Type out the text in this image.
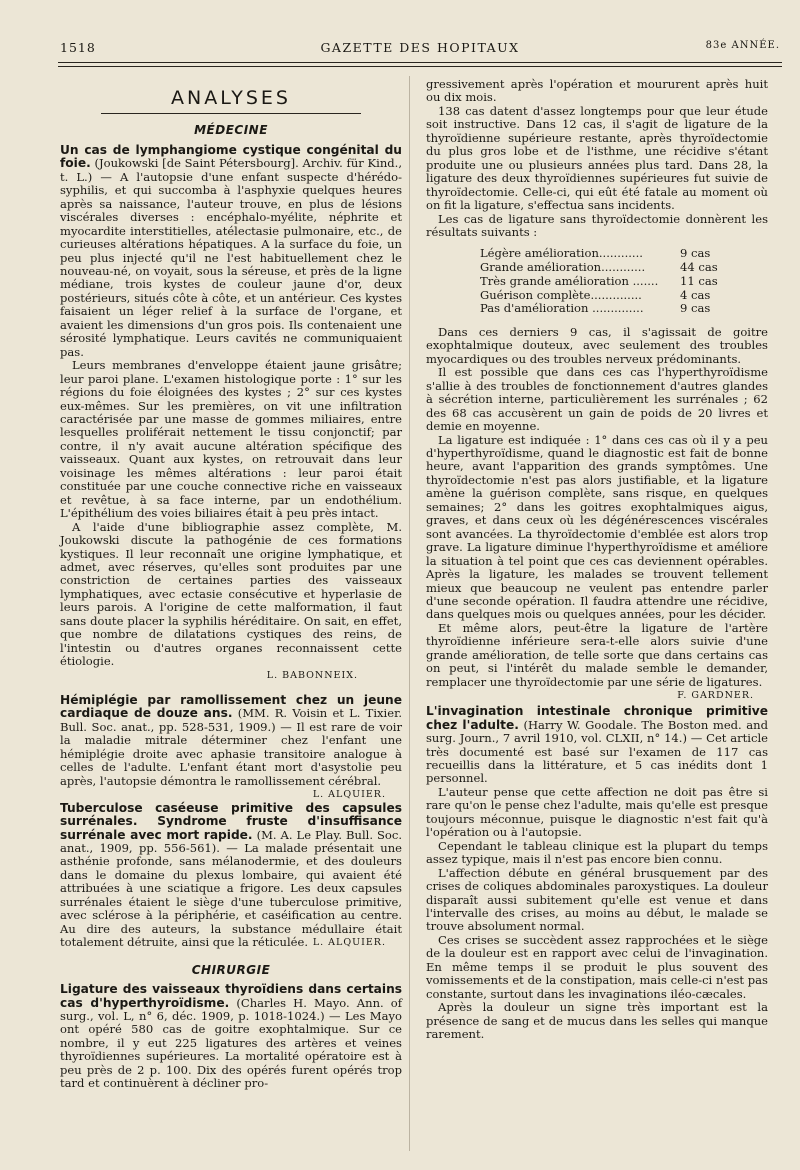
1518	GAZETTE DES HOPITAUX	83e ANNÉE.
ANALYSES
MÉDECINE

Un cas de lymphangiome cystique congénital du foie. (Joukowski [de Saint Pétersbourg]. Archiv. für Kind., t. L.) — A l'autopsie d'une enfant suspecte d'hérédo-syphilis, et qui succomba à l'asphyxie quelques heures après sa naissance, l'auteur trouve, en plus de lésions viscérales diverses : encéphalo-myélite, néphrite et myocardite interstitielles, atélectasie pulmonaire, etc., de curieuses altérations hépatiques. A la surface du foie, un peu plus injecté qu'il ne l'est habituellement chez le nouveau-né, on voyait, sous la séreuse, et près de la ligne médiane, trois kystes de couleur jaune d'or, deux postérieurs, situés côte à côte, et un antérieur. Ces kystes faisaient un léger relief à la surface de l'organe, et avaient les dimensions d'un gros pois. Ils contenaient une sérosité lymphatique. Leurs cavités ne communiquaient pas.

Leurs membranes d'enveloppe étaient jaune grisâtre; leur paroi plane. L'examen histologique porte : 1° sur les régions du foie éloignées des kystes ; 2° sur ces kystes eux-mêmes. Sur les premières, on vit une infiltration caractérisée par une masse de gommes miliaires, entre lesquelles proliférait nettement le tissu conjonctif; par contre, il n'y avait aucune altération spécifique des vaisseaux. Quant aux kystes, on retrouvait dans leur voisinage les mêmes altérations : leur paroi était constituée par une couche connective riche en vaisseaux et revêtue, à sa face interne, par un endothélium. L'épithélium des voies biliaires était à peu près intact.

A l'aide d'une bibliographie assez complète, M. Joukowski discute la pathogénie de ces formations kystiques. Il leur reconnaît une origine lymphatique, et admet, avec réserves, qu'elles sont produites par une constriction de certaines parties des vaisseaux lymphatiques, avec ectasie consécutive et hyperlasie de leurs parois. A l'origine de cette malformation, il faut sans doute placer la syphilis héréditaire. On sait, en effet, que nombre de dilatations cystiques des reins, de l'intestin ou d'autres organes reconnaissent cette étiologie.

L. BABONNEIX.

Hémiplégie par ramollissement chez un jeune cardiaque de douze ans. (MM. R. Voisin et L. Tixier. Bull. Soc. anat., pp. 528-531, 1909.) — Il est rare de voir la maladie mitrale déterminer chez l'enfant une hémiplégie droite avec aphasie transitoire analogue à celles de l'adulte. L'enfant étant mort d'asystolie peu après, l'autopsie démontra le ramollissement cérébral.
L. ALQUIER.

Tuberculose caséeuse primitive des capsules surrénales. Syndrome fruste d'insuffisance surrénale avec mort rapide. (M. A. Le Play. Bull. Soc. anat., 1909, pp. 556-561). — La malade présentait une asthénie profonde, sans mélanodermie, et des douleurs dans le domaine du plexus lombaire, qui avaient été attribuées à une sciatique a frigore. Les deux capsules surrénales étaient le siège d'une tuberculose primitive, avec sclérose à la périphérie, et caséification au centre. Au dire des auteurs, la substance médullaire était totalement détruite, ainsi que la réticulée. L. ALQUIER.

CHIRURGIE

Ligature des vaisseaux thyroïdiens dans certains cas d'hyperthyroïdisme. (Charles H. Mayo. Ann. of surg., vol. L, n° 6, déc. 1909, p. 1018-1024.) — Les Mayo ont opéré 580 cas de goitre exophtalmique. Sur ce nombre, il y eut 225 ligatures des artères et veines thyroïdiennes supérieures. La mortalité opératoire est à peu près de 2 p. 100. Dix des opérés furent opérés trop tard et continuèrent à décliner pro-

gressivement après l'opération et moururent après huit ou dix mois.

138 cas datent d'assez longtemps pour que leur étude soit instructive. Dans 12 cas, il s'agit de ligature de la thyroïdienne supérieure restante, après thyroïdectomie du plus gros lobe et de l'isthme, une récidive s'étant produite une ou plusieurs années plus tard. Dans 28, la ligature des deux thyroïdiennes supérieures fut suivie de thyroïdectomie. Celle-ci, qui eût été fatale au moment où on fit la ligature, s'effectua sans incidents.

Les cas de ligature sans thyroïdectomie donnèrent les résultats suivants :

Légère amélioration............	9 cas
Grande amélioration............	44 cas
Très grande amélioration ....... 11 cas
Guérison complète..............	4 cas
Pas d'amélioration ..............	9 cas

Dans ces derniers 9 cas, il s'agissait de goitre exophtalmique douteux, avec seulement des troubles myocardiques ou des troubles nerveux prédominants.

Il est possible que dans ces cas l'hyperthyroïdisme s'allie à des troubles de fonctionnement d'autres glandes à sécrétion interne, particulièrement les surrénales ; 62 des 68 cas accusèrent un gain de poids de 20 livres et demie en moyenne.

La ligature est indiquée : 1° dans ces cas où il y a peu d'hyperthyroïdisme, quand le diagnostic est fait de bonne heure, avant l'apparition des grands symptômes. Une thyroïdectomie n'est pas alors justifiable, et la ligature amène la guérison complète, sans risque, en quelques semaines; 2° dans les goitres exophtalmiques aigus, graves, et dans ceux où les dégénérescences viscérales sont avancées. La thyroïdectomie d'emblée est alors trop grave. La ligature diminue l'hyperthyroïdisme et améliore la situation à tel point que ces cas deviennent opérables. Après la ligature, les malades se trouvent tellement mieux que beaucoup ne veulent pas entendre parler d'une seconde opération. Il faudra attendre une récidive, dans quelques mois ou quelques années, pour les décider.

Et même alors, peut-être la ligature de l'artère thyroïdienne inférieure sera-t-elle alors suivie d'une grande amélioration, de telle sorte que dans certains cas on peut, si l'intérêt du malade semble le demander, remplacer une thyroïdectomie par une série de ligatures.
F. GARDNER.

L'invagination intestinale chronique primitive chez l'adulte. (Harry W. Goodale. The Boston med. and surg. Journ., 7 avril 1910, vol. CLXII, n° 14.) — Cet article très documenté est basé sur l'examen de 117 cas recueillis dans la littérature, et 5 cas inédits dont 1 personnel.

L'auteur pense que cette affection ne doit pas être si rare qu'on le pense chez l'adulte, mais qu'elle est presque toujours méconnue, puisque le diagnostic n'est fait qu'à l'opération ou à l'autopsie.

Cependant le tableau clinique est la plupart du temps assez typique, mais il n'est pas encore bien connu.

L'affection débute en général brusquement par des crises de coliques abdominales paroxystiques. La douleur disparaît aussi subitement qu'elle est venue et dans l'intervalle des crises, au moins au début, le malade se trouve absolument normal.

Ces crises se succèdent assez rapprochées et le siège de la douleur est en rapport avec celui de l'invagination. En même temps il se produit le plus souvent des vomissements et de la constipation, mais celle-ci n'est pas constante, surtout dans les invaginations iléo-cæcales.

Après la douleur un signe très important est la présence de sang et de mucus dans les selles qui manque rarement.
